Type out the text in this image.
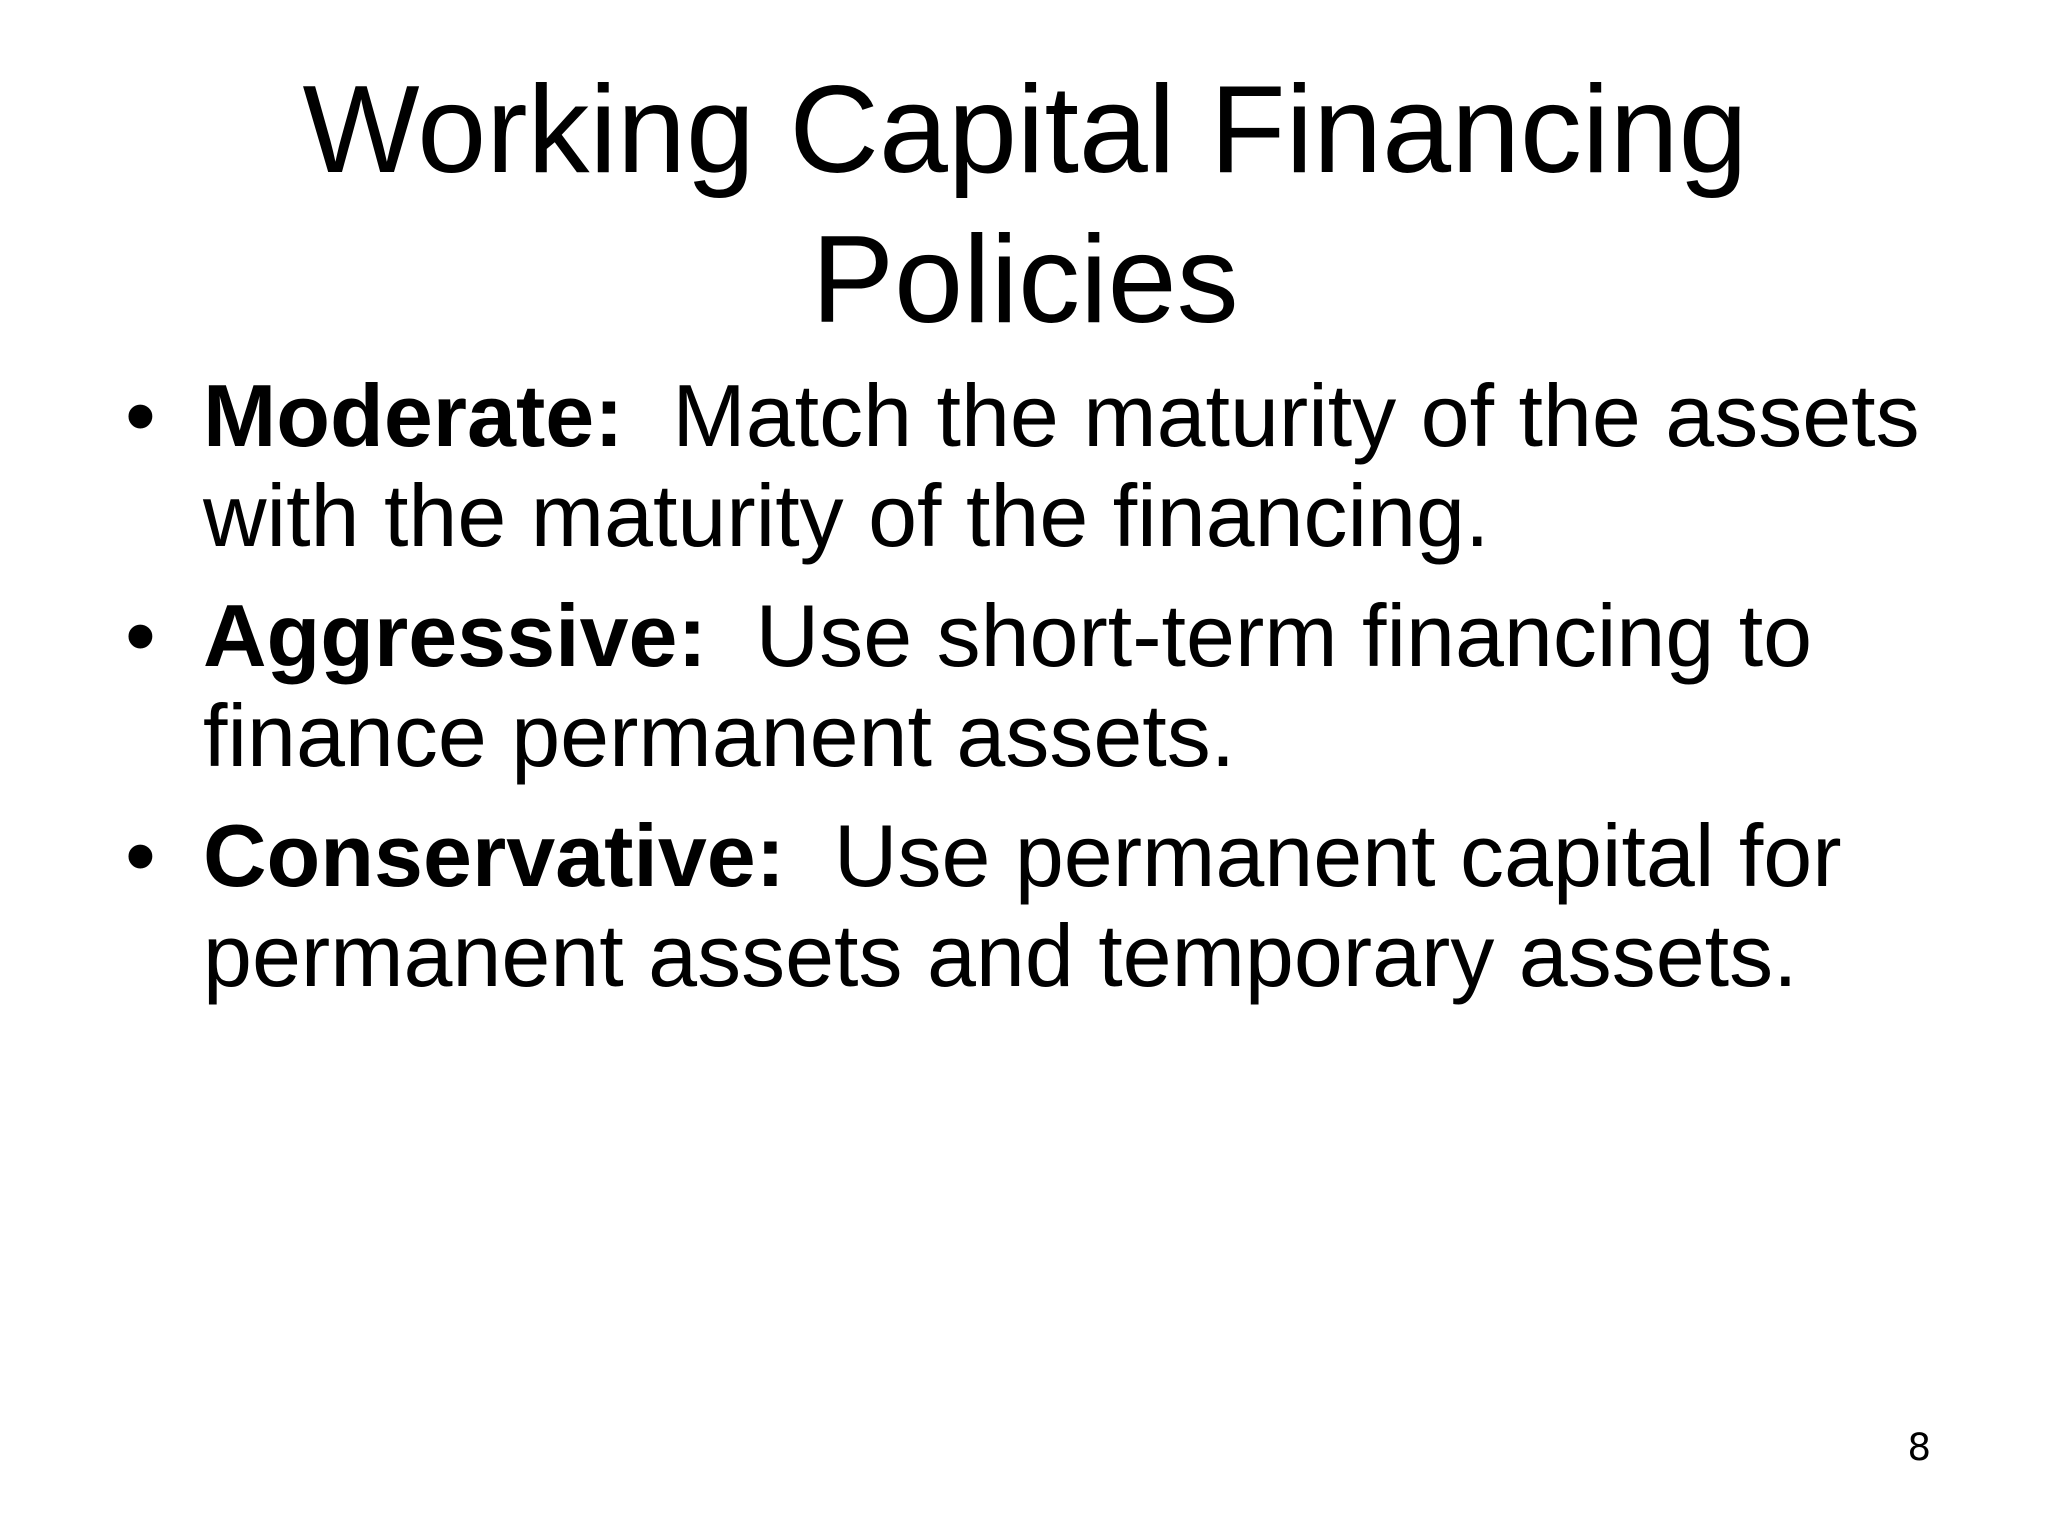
Working Capital Financing
Policies
• Moderate: Match the maturity of the assets with the maturity of the financing.
• Aggressive: Use short-term financing to finance permanent assets.
• Conservative: Use permanent capital for permanent assets and temporary assets.
8
